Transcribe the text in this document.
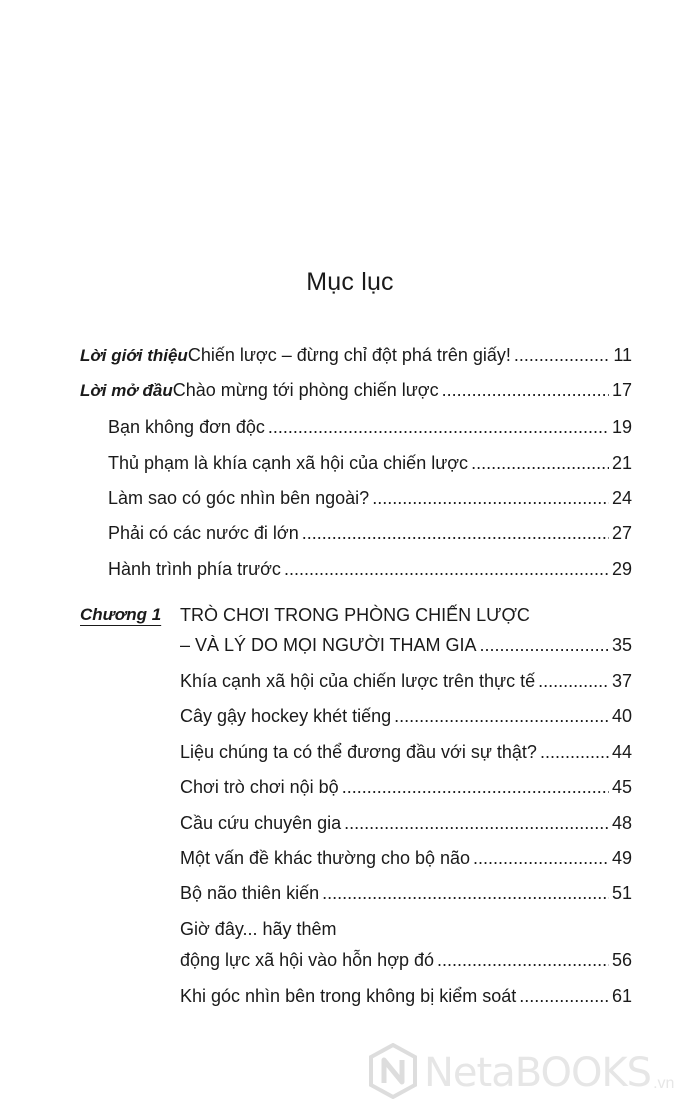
Mục lục
Lời giới thiệu Chiến lược – đừng chỉ đột phá trên giấy! . . .	11
Lời mở đầu Chào mừng tới phòng chiến lược . . .	17
Bạn không đơn độc . . .	19
Thủ phạm là khía cạnh xã hội của chiến lược . . .	21
Làm sao có góc nhìn bên ngoài? . . .	24
Phải có các nước đi lớn . . .	27
Hành trình phía trước . . .	29
Chương 1 TRÒ CHƠI TRONG PHÒNG CHIẾN LƯỢC
– VÀ LÝ DO MỌI NGƯỜI THAM GIA . . .	35
Khía cạnh xã hội của chiến lược trên thực tế . . .	37
Cây gậy hockey khét tiếng . . .	40
Liệu chúng ta có thể đương đầu với sự thật? . . .	44
Chơi trò chơi nội bộ . . .	45
Cầu cứu chuyên gia . . .	48
Một vấn đề khác thường cho bộ não . . .	49
Bộ não thiên kiến . . .	51
Giờ đây... hãy thêm
động lực xã hội vào hỗn hợp đó . . .	56
Khi góc nhìn bên trong không bị kiểm soát . . .	61
NetaBOOKS .vn
